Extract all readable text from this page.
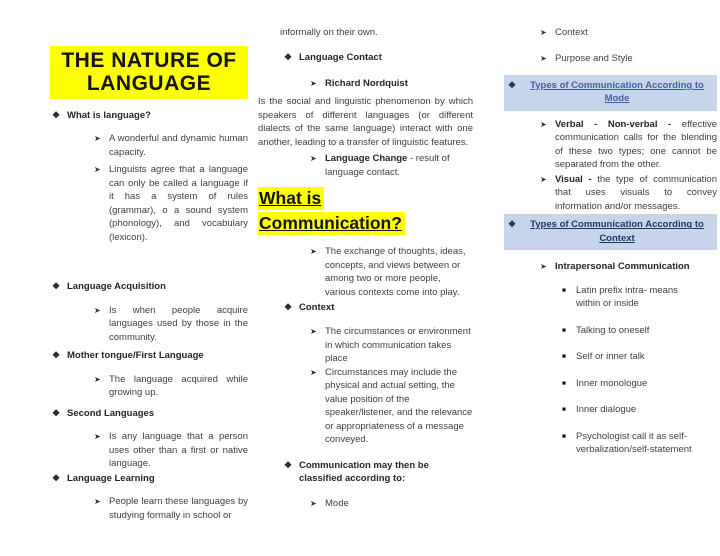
THE NATURE OF LANGUAGE
❖ What is language?
➤ A wonderful and dynamic human capacity.
➤ Linguists agree that a language can only be called a language if it has a system of rules (grammar), o a sound system (phonology), and vocabulary (lexicon).
❖ Language Acquisition
➤ Is when people acquire languages used by those in the community.
❖ Mother tongue/First Language
➤ The language acquired while growing up.
❖ Second Languages
➤ Is any language that a person uses other than a first or native language.
❖ Language Learning
➤ People learn these languages by studying formally in school or
informally on their own.
❖ Language Contact
➤ Richard Nordquist
Is the social and linguistic phenomenon by which speakers of different languages (or different dialects of the same language) interact with one another, leading to a transfer of linguistic features.
➤ Language Change - result of language contact.
What is Communication?
➤ The exchange of thoughts, ideas, concepts, and views between or among two or more people, various contexts come into play.
❖ Context
➤ The circumstances or environment in which communication takes place
➤ Circumstances may include the physical and actual setting, the value position of the speaker/listener, and the relevance or appropriateness of a message conveyed.
❖ Communication may then be classified according to:
➤ Mode
➤ Context
➤ Purpose and Style
❖	Types of Communication According to Mode
➤ Verbal - Non-verbal - effective communication calls for the blending of these two types; one cannot be separated from the other.
➤ Visual - the type of communication that uses visuals to convey information and/or messages.
❖	Types of Communication According to Context
➤ Intrapersonal Communication
■	Latin prefix intra- means within or inside
■	Talking to oneself
■	Self or inner talk
■	Inner monologue
■	Inner dialogue
■	Psychologist call it as self-verbalization/self-statement
